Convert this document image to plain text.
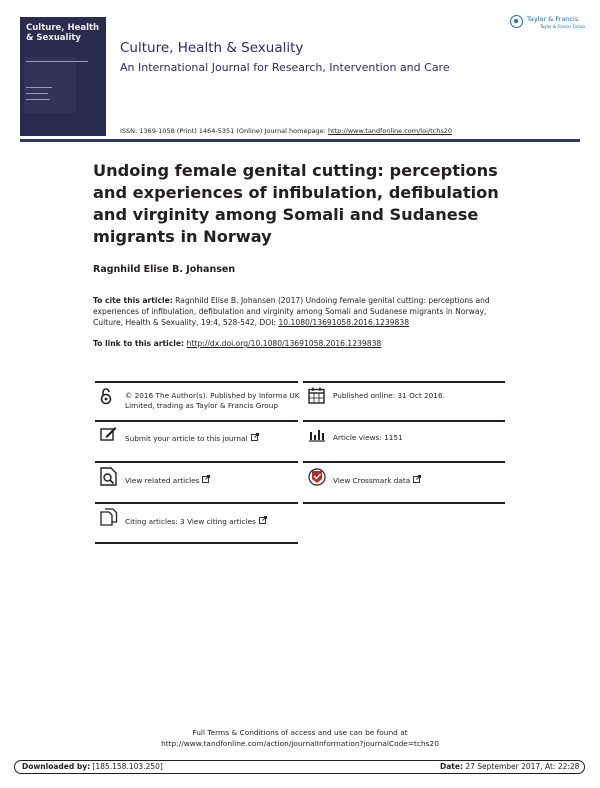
Culture, Health & Sexuality
Culture, Health & Sexuality
An International Journal for Research, Intervention and Care
ISSN: 1369-1058 (Print) 1464-5351 (Online) Journal homepage: http://www.tandfonline.com/loi/tchs20
Taylor & Francis
Taylor & Francis Group
Undoing female genital cutting: perceptions and experiences of infibulation, defibulation and virginity among Somali and Sudanese migrants in Norway
Ragnhild Elise B. Johansen
To cite this article: Ragnhild Elise B. Johansen (2017) Undoing female genital cutting: perceptions and experiences of infibulation, defibulation and virginity among Somali and Sudanese migrants in Norway, Culture, Health & Sexuality, 19:4, 528-542, DOI: 10.1080/13691058.2016.1239838
To link to this article: http://dx.doi.org/10.1080/13691058.2016.1239838
© 2016 The Author(s). Published by Informa UK Limited, trading as Taylor & Francis Group
Published online: 31 Oct 2016.
Submit your article to this journal	Article views: 1151
View related articles	View Crossmark data
Citing articles: 3 View citing articles
Full Terms & Conditions of access and use can be found at
http://www.tandfonline.com/action/journalInformation?journalCode=tchs20
Downloaded by: [185.158.103.250]	Date: 27 September 2017, At: 22:28
